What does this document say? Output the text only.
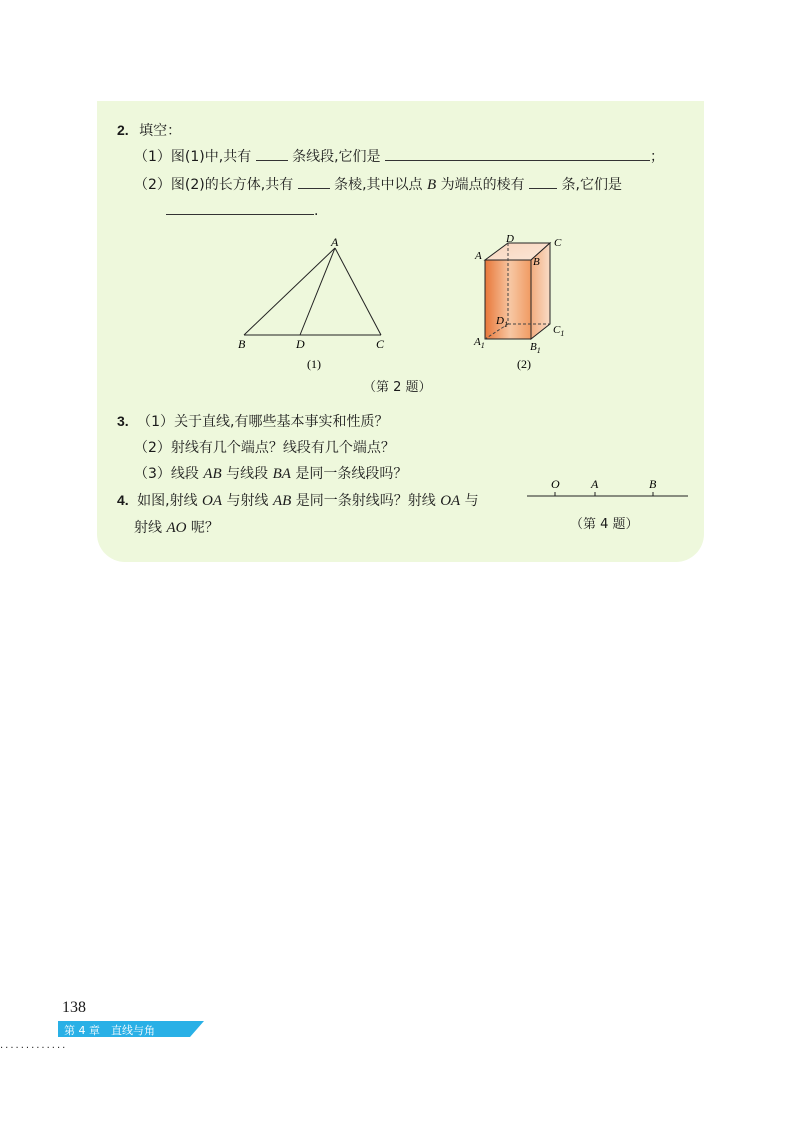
2. 填空：
（1）图(1)中,共有	条线段,它们是	；
（2）图(2)的长方体,共有	条棱,其中以点 B 为端点的棱有	条,它们是
.
A
B	D	C
(1)
A
D	C
B
$D_1$	$C_1$
$A_1$	$B_1$
(2)
（第 2 题）
3. （1）关于直线,有哪些基本事实和性质？
（2）射线有几个端点？线段有几个端点？
（3）线段 AB 与线段 BA 是同一条线段吗？
4. 如图,射线 OA 与射线 AB 是同一条射线吗？射线 OA 与
射线 AO 呢？
O	A	B
（第 4 题）
138
第 4 章　直线与角
.............
